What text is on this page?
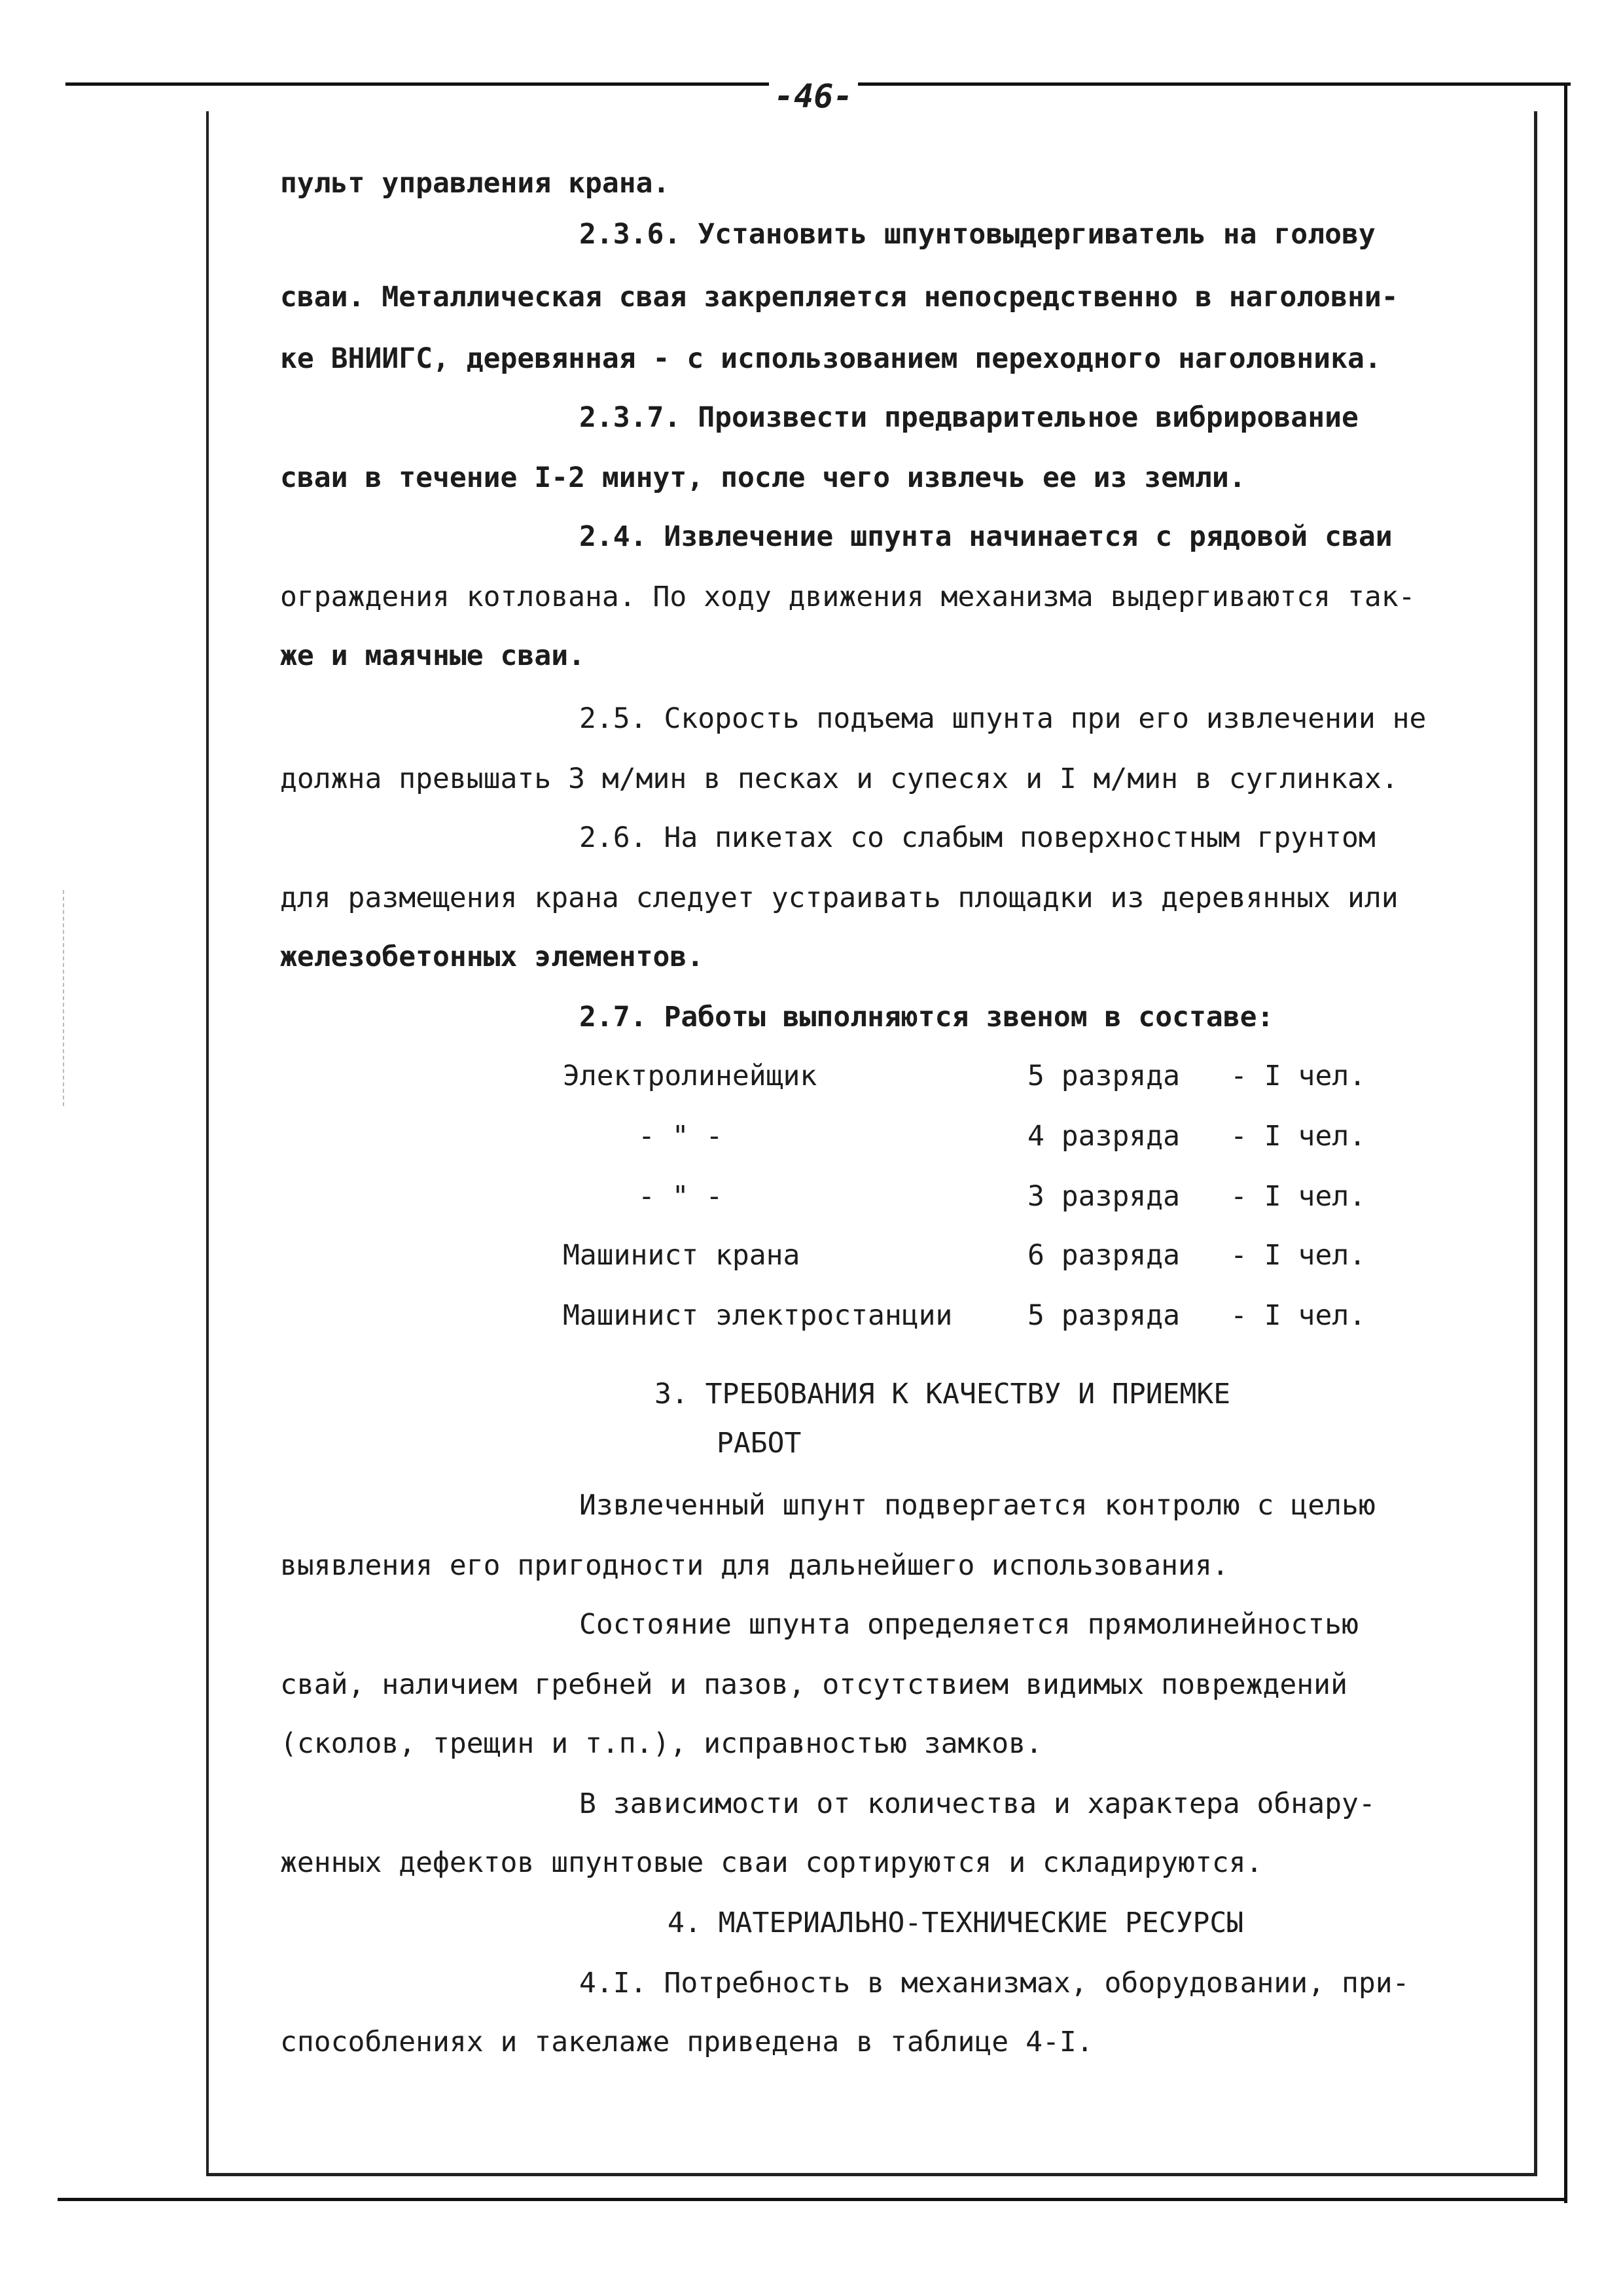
-46-
пульт управления крана.
2.3.6. Установить шпунтовыдергиватель на голову
сваи. Металлическая свая закрепляется непосредственно в наголовни-
ке ВНИИГС, деревянная - с использованием переходного наголовника.
2.3.7. Произвести предварительное вибрирование
сваи в течение I-2 минут, после чего извлечь ее из земли.
2.4. Извлечение шпунта начинается с рядовой сваи
ограждения котлована. По ходу движения механизма выдергиваются так-
же и маячные сваи.
2.5. Скорость подъема шпунта при его извлечении не
должна превышать 3 м/мин в песках и супесях и I м/мин в суглинках.
2.6. На пикетах со слабым поверхностным грунтом
для размещения крана следует устраивать площадки из деревянных или
железобетонных элементов.
2.7. Работы выполняются звеном в составе:
Электролинейщик	5 разряда - I чел.
- " -	4 разряда - I чел.
- " -	3 разряда - I чел.
Машинист крана	6 разряда - I чел.
Машинист электростанции	5 разряда - I чел.
3. ТРЕБОВАНИЯ К КАЧЕСТВУ И ПРИЕМКЕ
РАБОТ
Извлеченный шпунт подвергается контролю с целью
выявления его пригодности для дальнейшего использования.
Состояние шпунта определяется прямолинейностью
свай, наличием гребней и пазов, отсутствием видимых повреждений
(сколов, трещин и т.п.), исправностью замков.
В зависимости от количества и характера обнару-
женных дефектов шпунтовые сваи сортируются и складируются.
4. МАТЕРИАЛЬНО-ТЕХНИЧЕСКИЕ РЕСУРСЫ
4.I. Потребность в механизмах, оборудовании, при-
способлениях и такелаже приведена в таблице 4-I.
